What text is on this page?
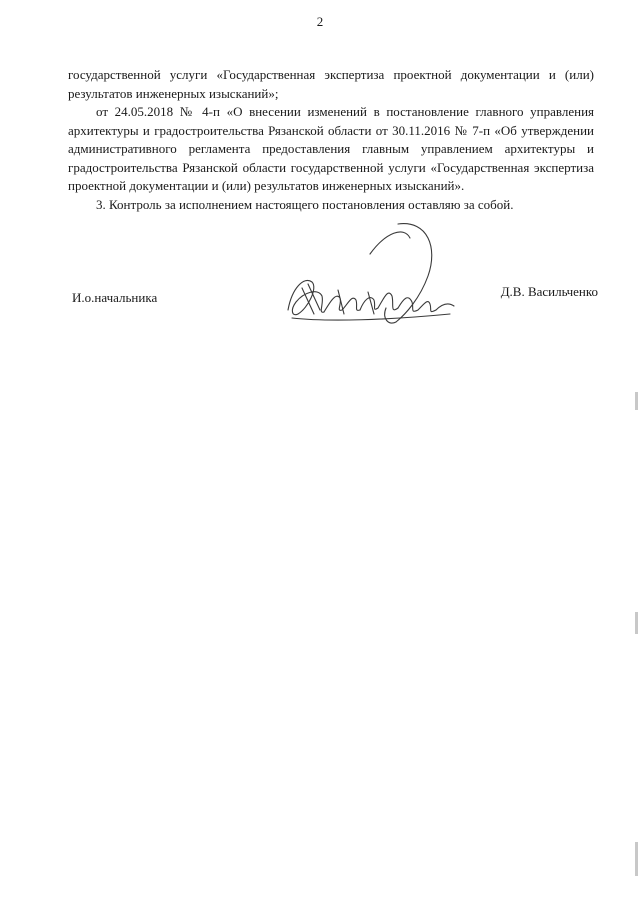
2

государственной услуги «Государственная экспертиза проектной документации и (или) результатов инженерных изысканий»;

от 24.05.2018 № 4-п «О внесении изменений в постановление главного управления архитектуры и градостроительства Рязанской области от 30.11.2016 № 7-п «Об утверждении административного регламента предоставления главным управлением архитектуры и градостроительства Рязанской области государственной услуги «Государственная экспертиза проектной документации и (или) результатов инженерных изысканий».

3. Контроль за исполнением настоящего постановления оставляю за собой.

И.о.начальника	Д.В. Васильченко
